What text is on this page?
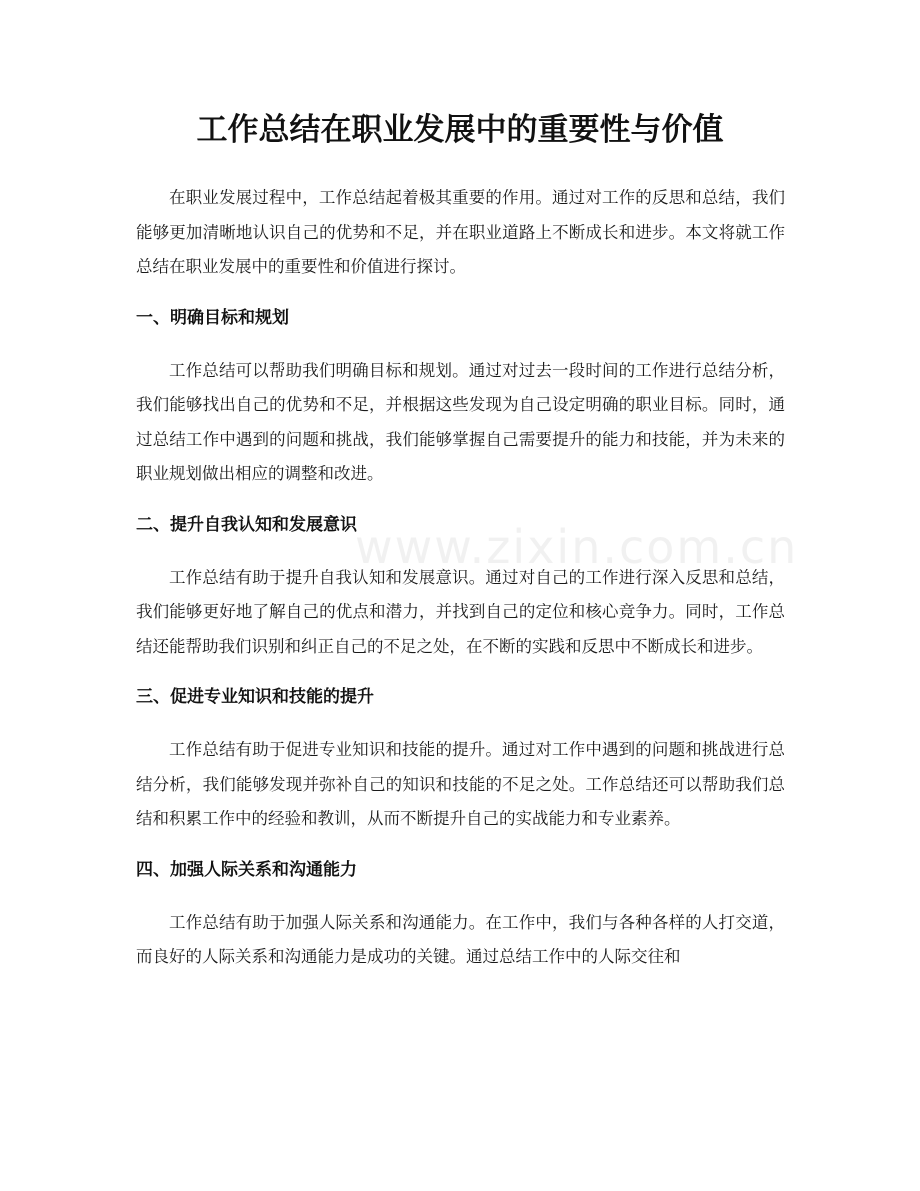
工作总结在职业发展中的重要性与价值

在职业发展过程中，工作总结起着极其重要的作用。通过对工作的反思和总结，我们能够更加清晰地认识自己的优势和不足，并在职业道路上不断成长和进步。本文将就工作总结在职业发展中的重要性和价值进行探讨。

一、明确目标和规划

工作总结可以帮助我们明确目标和规划。通过对过去一段时间的工作进行总结分析，我们能够找出自己的优势和不足，并根据这些发现为自己设定明确的职业目标。同时，通过总结工作中遇到的问题和挑战，我们能够掌握自己需要提升的能力和技能，并为未来的职业规划做出相应的调整和改进。

二、提升自我认知和发展意识

工作总结有助于提升自我认知和发展意识。通过对自己的工作进行深入反思和总结，我们能够更好地了解自己的优点和潜力，并找到自己的定位和核心竞争力。同时，工作总结还能帮助我们识别和纠正自己的不足之处，在不断的实践和反思中不断成长和进步。

三、促进专业知识和技能的提升

工作总结有助于促进专业知识和技能的提升。通过对工作中遇到的问题和挑战进行总结分析，我们能够发现并弥补自己的知识和技能的不足之处。工作总结还可以帮助我们总结和积累工作中的经验和教训，从而不断提升自己的实战能力和专业素养。

四、加强人际关系和沟通能力

工作总结有助于加强人际关系和沟通能力。在工作中，我们与各种各样的人打交道，而良好的人际关系和沟通能力是成功的关键。通过总结工作中的人际交往和

www.zixin.com.cn
